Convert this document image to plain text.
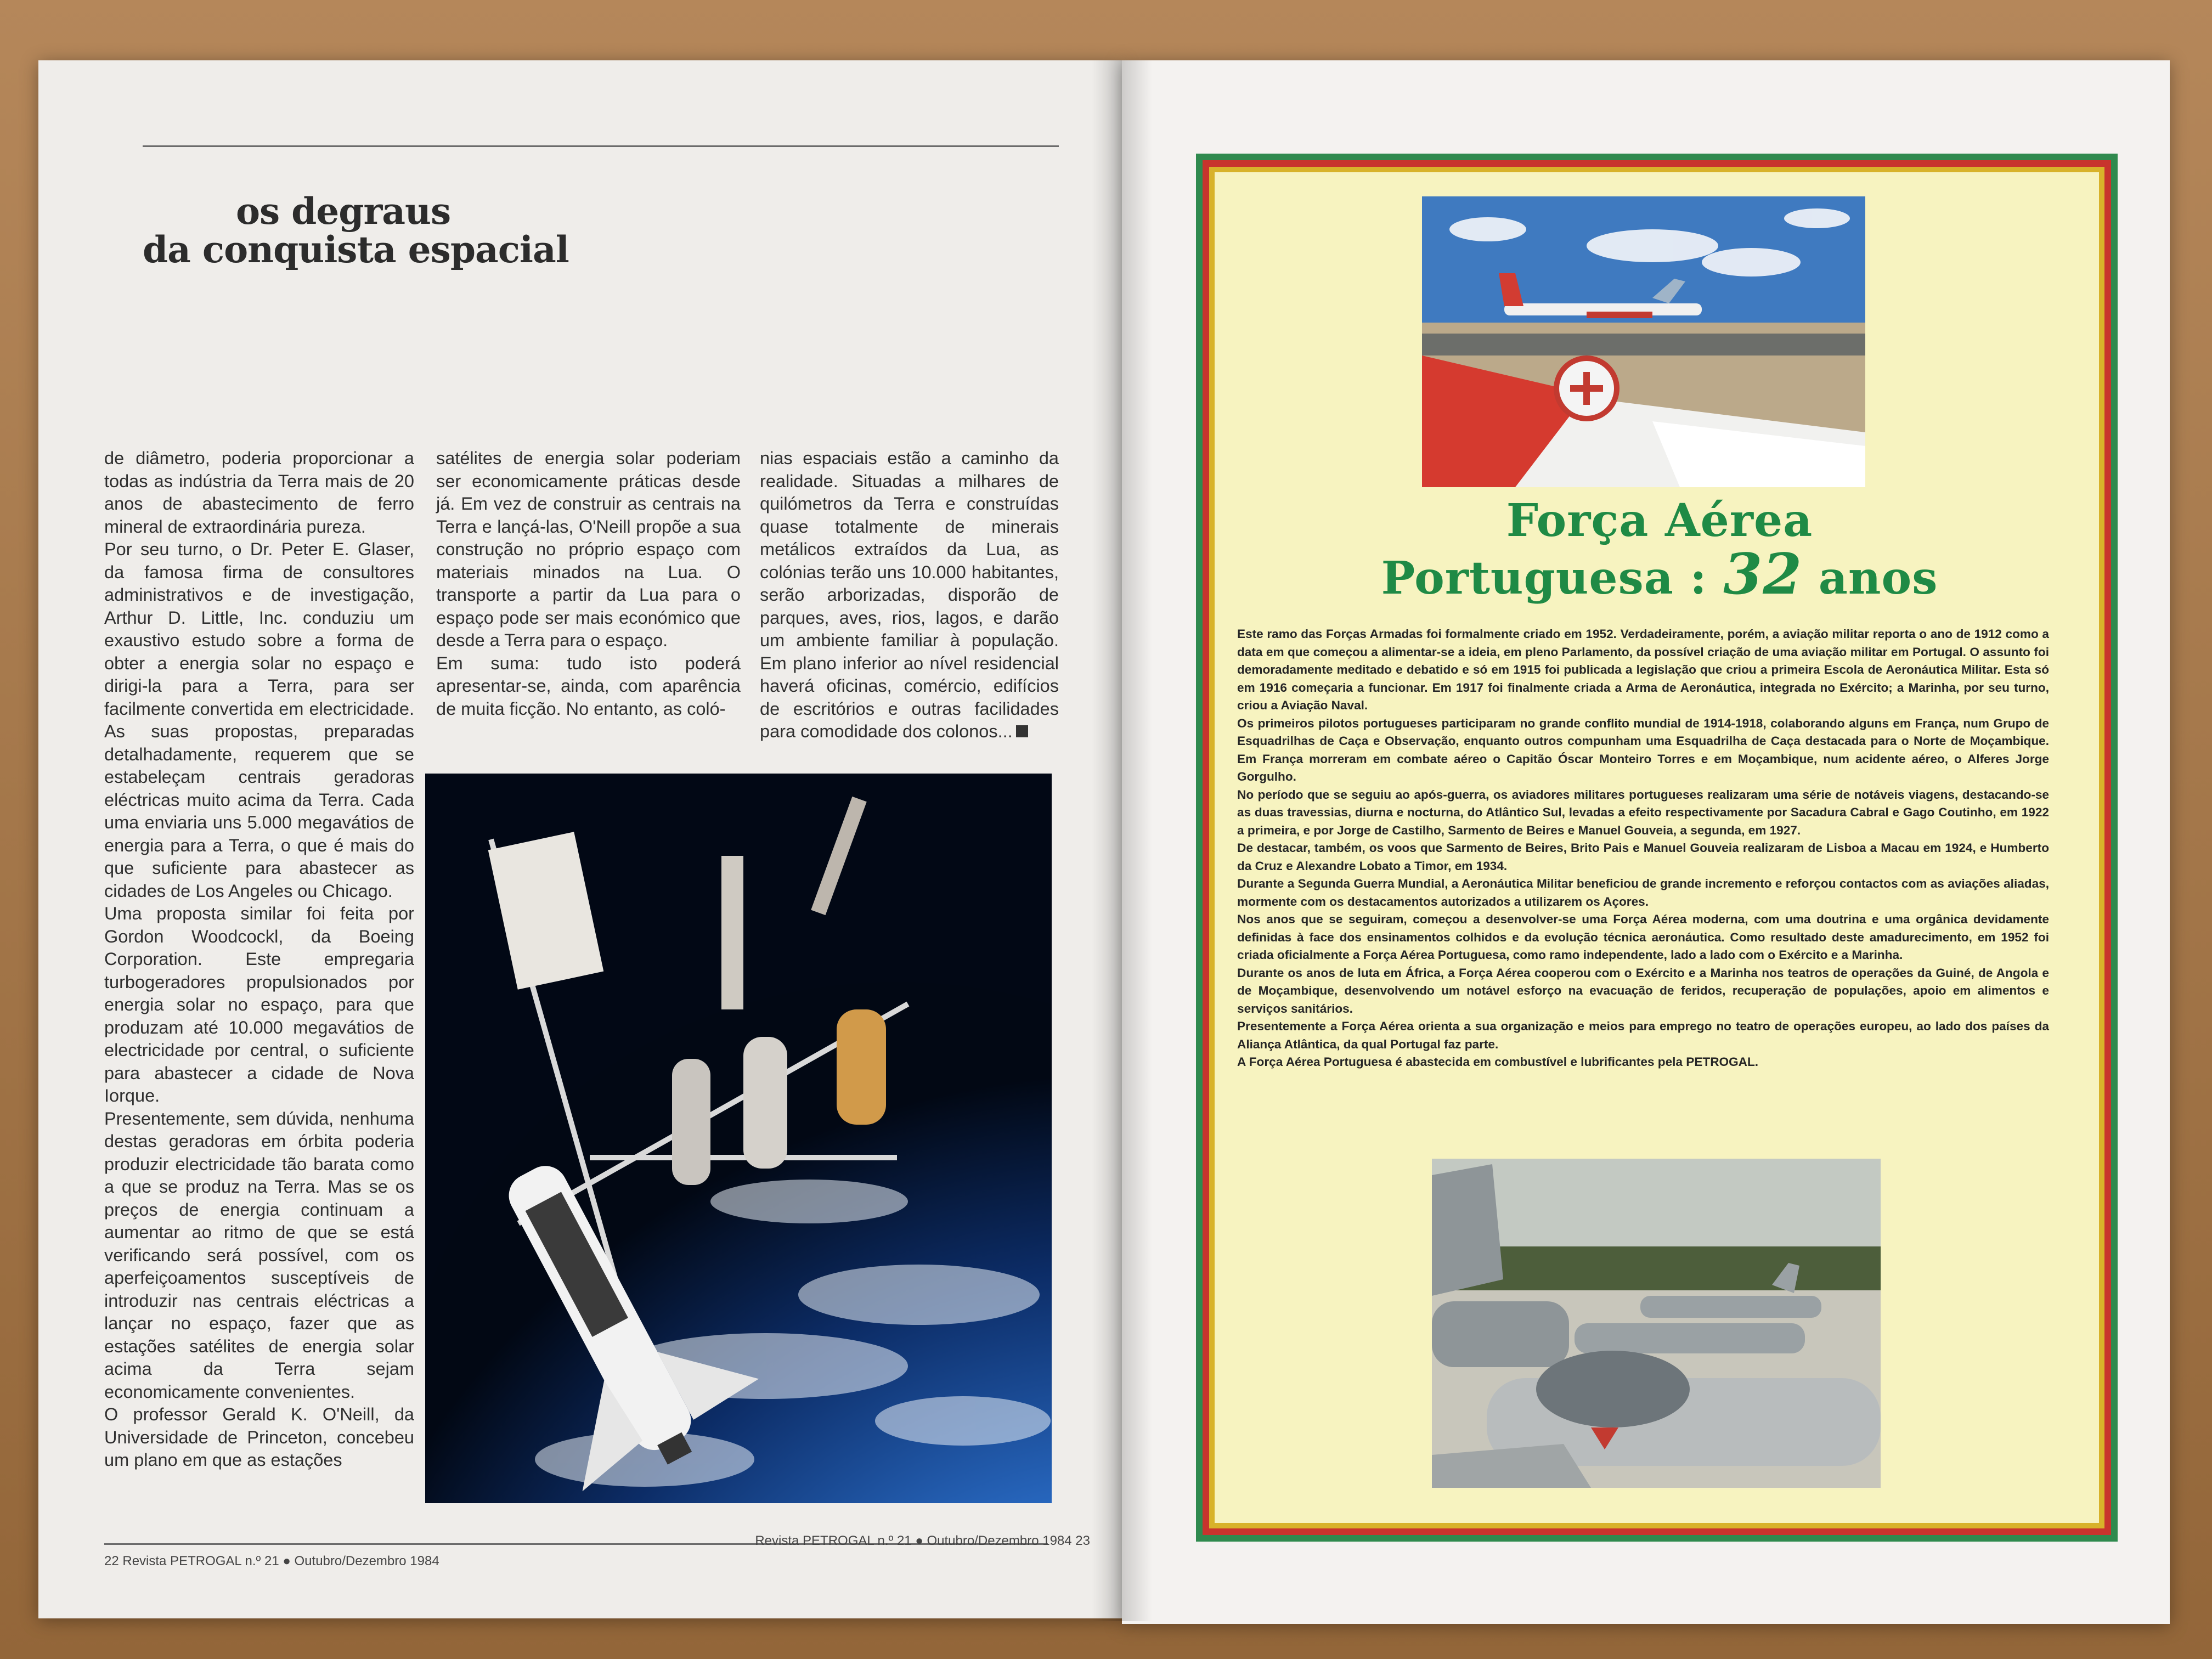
os degraus
da conquista espacial

de diâmetro, poderia proporcionar a todas as indústria da Terra mais de 20 anos de abastecimento de ferro mineral de extraordinária pureza.

Por seu turno, o Dr. Peter E. Glaser, da famosa firma de consultores administrativos e de investigação, Arthur D. Little, Inc. conduziu um exaustivo estudo sobre a forma de obter a energia solar no espaço e dirigi-la para a Terra, para ser facilmente convertida em electricidade. As suas propostas, preparadas detalhadamente, requerem que se estabeleçam centrais geradoras eléctricas muito acima da Terra. Cada uma enviaria uns 5.000 megavátios de energia para a Terra, o que é mais do que suficiente para abastecer as cidades de Los Angeles ou Chicago.

Uma proposta similar foi feita por Gordon Woodcockl, da Boeing Corporation. Este empregaria turbogeradores propulsionados por energia solar no espaço, para que produzam até 10.000 megavátios de electricidade por central, o suficiente para abastecer a cidade de Nova Iorque.

Presentemente, sem dúvida, nenhuma destas geradoras em órbita poderia produzir electricidade tão barata como a que se produz na Terra. Mas se os preços de energia continuam a aumentar ao ritmo de que se está verificando será possível, com os aperfeiçoamentos susceptíveis de introduzir nas centrais eléctricas a lançar no espaço, fazer que as estações satélites de energia solar acima da Terra sejam economicamente convenientes.

O professor Gerald K. O'Neill, da Universidade de Princeton, concebeu um plano em que as estações

satélites de energia solar poderiam ser economicamente práticas desde já. Em vez de construir as centrais na Terra e lançá-las, O'Neill propõe a sua construção no próprio espaço com materiais minados na Lua. O transporte a partir da Lua para o espaço pode ser mais económico que desde a Terra para o espaço.

Em suma: tudo isto poderá apresentar-se, ainda, com aparência de muita ficção. No entanto, as coló-

nias espaciais estão a caminho da realidade. Situadas a milhares de quilómetros da Terra e construídas quase totalmente de minerais metálicos extraídos da Lua, as colónias terão uns 10.000 habitantes, serão arborizadas, disporão de parques, aves, rios, lagos, e darão um ambiente familiar à população. Em plano inferior ao nível residencial haverá oficinas, comércio, edifícios de escritórios e outras facilidades para comodidade dos colonos...

22 Revista PETROGAL n.º 21 ● Outubro/Dezembro 1984
Força Aérea
Portuguesa : 32 anos

Este ramo das Forças Armadas foi formalmente criado em 1952. Verdadeiramente, porém, a aviação militar reporta o ano de 1912 como a data em que começou a alimentar-se a ideia, em pleno Parlamento, da possível criação de uma aviação militar em Portugal. O assunto foi demoradamente meditado e debatido e só em 1915 foi publicada a legislação que criou a primeira Escola de Aeronáutica Militar. Esta só em 1916 começaria a funcionar. Em 1917 foi finalmente criada a Arma de Aeronáutica, integrada no Exército; a Marinha, por seu turno, criou a Aviação Naval.

Os primeiros pilotos portugueses participaram no grande conflito mundial de 1914-1918, colaborando alguns em França, num Grupo de Esquadrilhas de Caça e Observação, enquanto outros compunham uma Esquadrilha de Caça destacada para o Norte de Moçambique. Em França morreram em combate aéreo o Capitão Óscar Monteiro Torres e em Moçambique, num acidente aéreo, o Alferes Jorge Gorgulho.

No período que se seguiu ao após-guerra, os aviadores militares portugueses realizaram uma série de notáveis viagens, destacando-se as duas travessias, diurna e nocturna, do Atlântico Sul, levadas a efeito respectivamente por Sacadura Cabral e Gago Coutinho, em 1922 a primeira, e por Jorge de Castilho, Sarmento de Beires e Manuel Gouveia, a segunda, em 1927.

De destacar, também, os voos que Sarmento de Beires, Brito Pais e Manuel Gouveia realizaram de Lisboa a Macau em 1924, e Humberto da Cruz e Alexandre Lobato a Timor, em 1934.

Durante a Segunda Guerra Mundial, a Aeronáutica Militar beneficiou de grande incremento e reforçou contactos com as aviações aliadas, mormente com os destacamentos autorizados a utilizarem os Açores.

Nos anos que se seguiram, começou a desenvolver-se uma Força Aérea moderna, com uma doutrina e uma orgânica devidamente definidas à face dos ensinamentos colhidos e da evolução técnica aeronáutica. Como resultado deste amadurecimento, em 1952 foi criada oficialmente a Força Aérea Portuguesa, como ramo independente, lado a lado com o Exército e a Marinha.

Durante os anos de luta em África, a Força Aérea cooperou com o Exército e a Marinha nos teatros de operações da Guiné, de Angola e de Moçambique, desenvolvendo um notável esforço na evacuação de feridos, recuperação de populações, apoio em alimentos e serviços sanitários.

Presentemente a Força Aérea orienta a sua organização e meios para emprego no teatro de operações europeu, ao lado dos países da Aliança Atlântica, da qual Portugal faz parte.

A Força Aérea Portuguesa é abastecida em combustível e lubrificantes pela PETROGAL.

Revista PETROGAL n.º 21 ● Outubro/Dezembro 1984 23
